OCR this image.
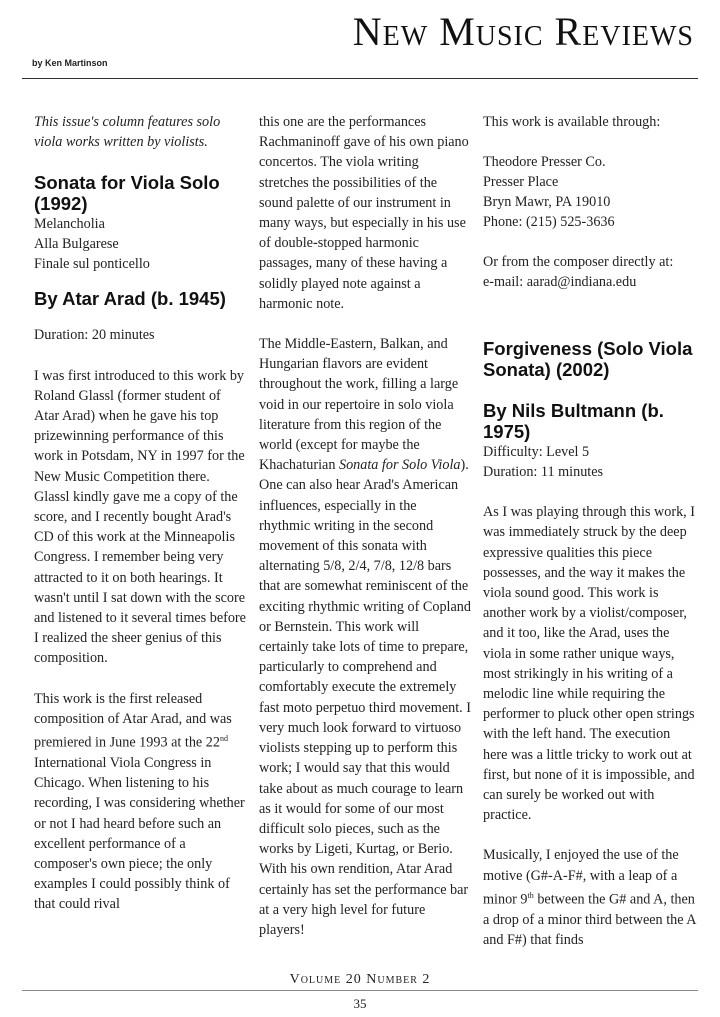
by Ken Martinson
New Music Reviews

This issue's column features solo viola works written by violists.

Sonata for Viola Solo (1992)
Melancholia
Alla Bulgarese
Finale sul ponticello
By Atar Arad (b. 1945)

Duration: 20 minutes

I was first introduced to this work by Roland Glassl (former student of Atar Arad) when he gave his top prizewinning performance of this work in Potsdam, NY in 1997 for the New Music Competition there. Glassl kindly gave me a copy of the score, and I recently bought Arad's CD of this work at the Minneapolis Congress. I remember being very attracted to it on both hearings. It wasn't until I sat down with the score and listened to it several times before I realized the sheer genius of this composition.

This work is the first released composition of Atar Arad, and was premiered in June 1993 at the 22nd International Viola Congress in Chicago. When listening to his recording, I was considering whether or not I had heard before such an excellent performance of a composer's own piece; the only examples I could possibly think of that could rival

this one are the performances Rachmaninoff gave of his own piano concertos. The viola writing stretches the possibilities of the sound palette of our instrument in many ways, but especially in his use of double-stopped harmonic passages, many of these having a solidly played note against a harmonic note.

The Middle-Eastern, Balkan, and Hungarian flavors are evident throughout the work, filling a large void in our repertoire in solo viola literature from this region of the world (except for maybe the Khachaturian Sonata for Solo Viola). One can also hear Arad's American influences, especially in the rhythmic writing in the second movement of this sonata with alternating 5/8, 2/4, 7/8, 12/8 bars that are somewhat reminiscent of the exciting rhythmic writing of Copland or Bernstein. This work will certainly take lots of time to prepare, particularly to comprehend and comfortably execute the extremely fast moto perpetuo third movement. I very much look forward to virtuoso violists stepping up to perform this work; I would say that this would take about as much courage to learn as it would for some of our most difficult solo pieces, such as the works by Ligeti, Kurtag, or Berio. With his own rendition, Atar Arad certainly has set the performance bar at a very high level for future players!

This work is available through:

Theodore Presser Co.
Presser Place
Bryn Mawr, PA 19010
Phone: (215) 525-3636
Or from the composer directly at:
e-mail: aarad@indiana.edu
Forgiveness (Solo Viola Sonata) (2002)
By Nils Bultmann (b. 1975)
Difficulty: Level 5
Duration: 11 minutes

As I was playing through this work, I was immediately struck by the deep expressive qualities this piece possesses, and the way it makes the viola sound good. This work is another work by a violist/composer, and it too, like the Arad, uses the viola in some rather unique ways, most strikingly in his writing of a melodic line while requiring the performer to pluck other open strings with the left hand. The execution here was a little tricky to work out at first, but none of it is impossible, and can surely be worked out with practice.

Musically, I enjoyed the use of the motive (G#-A-F#, with a leap of a minor 9th between the G# and A, then a drop of a minor third between the A and F#) that finds

Volume 20 Number 2
35
